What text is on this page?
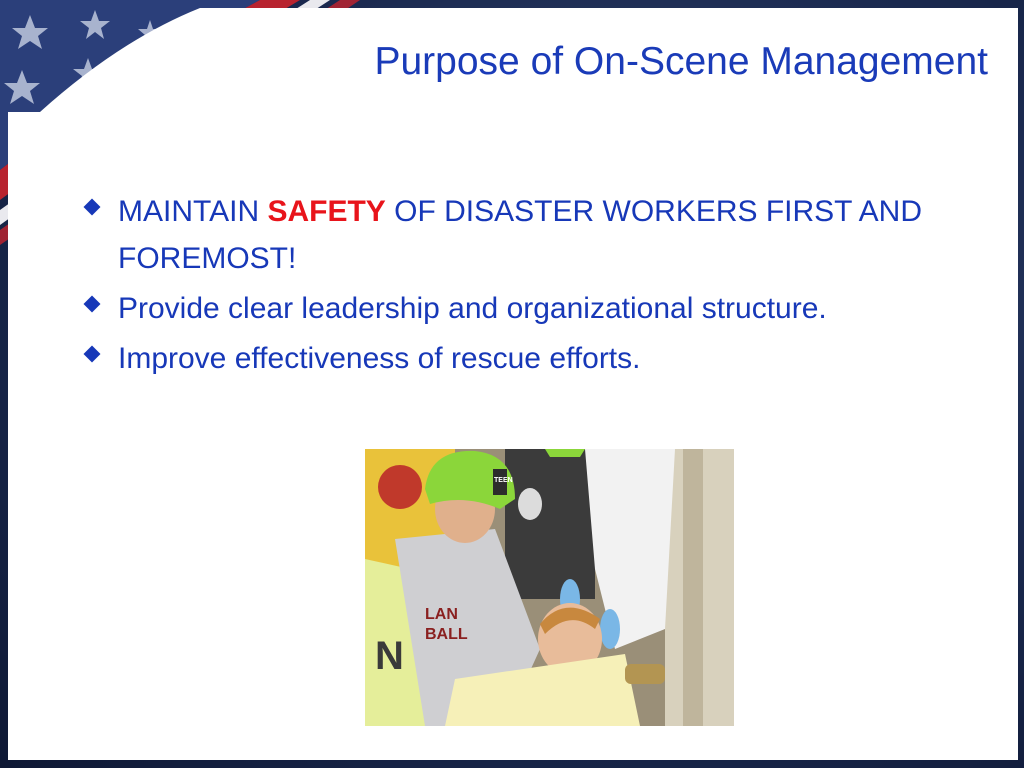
Purpose of On-Scene Management
MAINTAIN SAFETY OF DISASTER WORKERS FIRST AND FOREMOST!
Provide clear leadership and organizational structure.
Improve effectiveness of rescue efforts.
N
TEEN
LAN
BALL
